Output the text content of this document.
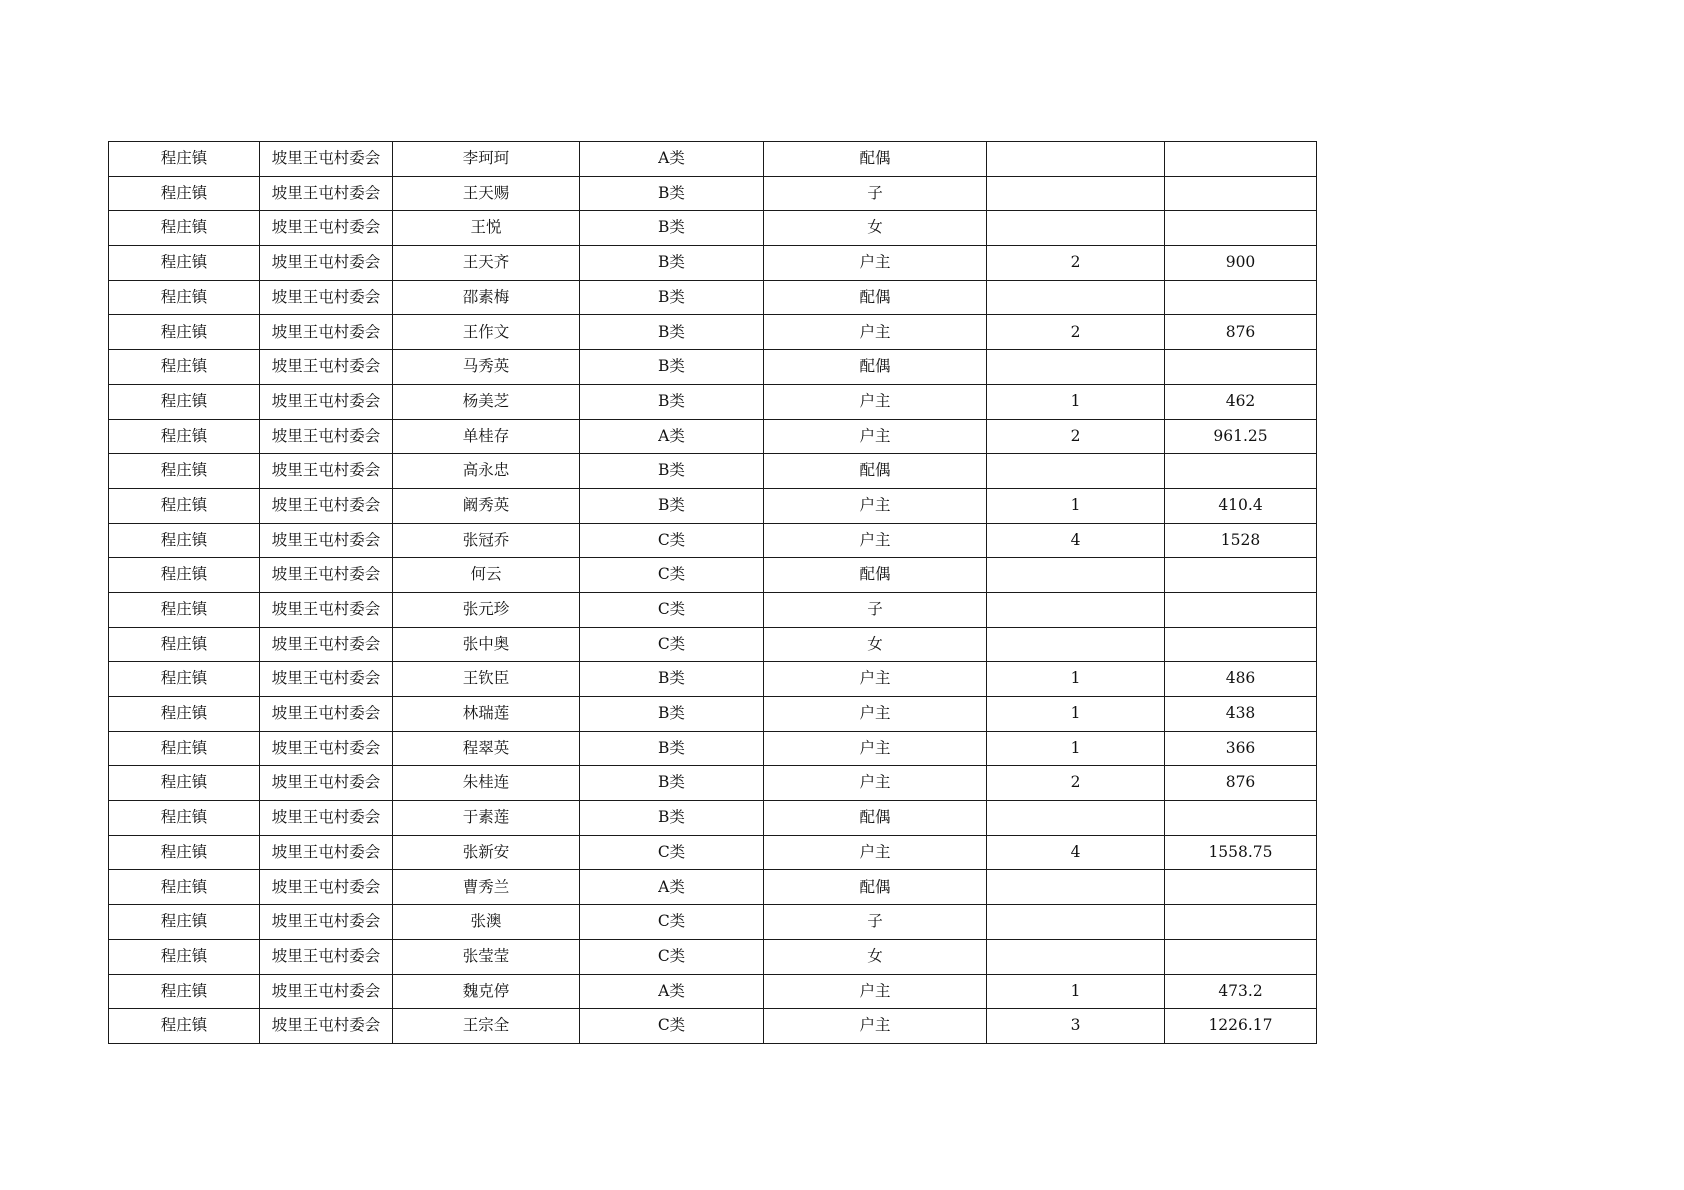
程庄镇	坡里王屯村委会	李珂珂	A类	配偶		
程庄镇	坡里王屯村委会	王天赐	B类	子		
程庄镇	坡里王屯村委会	王悦	B类	女		
程庄镇	坡里王屯村委会	王天齐	B类	户主	2	900
程庄镇	坡里王屯村委会	邵素梅	B类	配偶		
程庄镇	坡里王屯村委会	王作文	B类	户主	2	876
程庄镇	坡里王屯村委会	马秀英	B类	配偶		
程庄镇	坡里王屯村委会	杨美芝	B类	户主	1	462
程庄镇	坡里王屯村委会	单桂存	A类	户主	2	961.25
程庄镇	坡里王屯村委会	高永忠	B类	配偶		
程庄镇	坡里王屯村委会	阚秀英	B类	户主	1	410.4
程庄镇	坡里王屯村委会	张冠乔	C类	户主	4	1528
程庄镇	坡里王屯村委会	何云	C类	配偶		
程庄镇	坡里王屯村委会	张元珍	C类	子		
程庄镇	坡里王屯村委会	张中奥	C类	女		
程庄镇	坡里王屯村委会	王钦臣	B类	户主	1	486
程庄镇	坡里王屯村委会	林瑞莲	B类	户主	1	438
程庄镇	坡里王屯村委会	程翠英	B类	户主	1	366
程庄镇	坡里王屯村委会	朱桂连	B类	户主	2	876
程庄镇	坡里王屯村委会	于素莲	B类	配偶		
程庄镇	坡里王屯村委会	张新安	C类	户主	4	1558.75
程庄镇	坡里王屯村委会	曹秀兰	A类	配偶		
程庄镇	坡里王屯村委会	张澳	C类	子		
程庄镇	坡里王屯村委会	张莹莹	C类	女		
程庄镇	坡里王屯村委会	魏克停	A类	户主	1	473.2
程庄镇	坡里王屯村委会	王宗全	C类	户主	3	1226.17
